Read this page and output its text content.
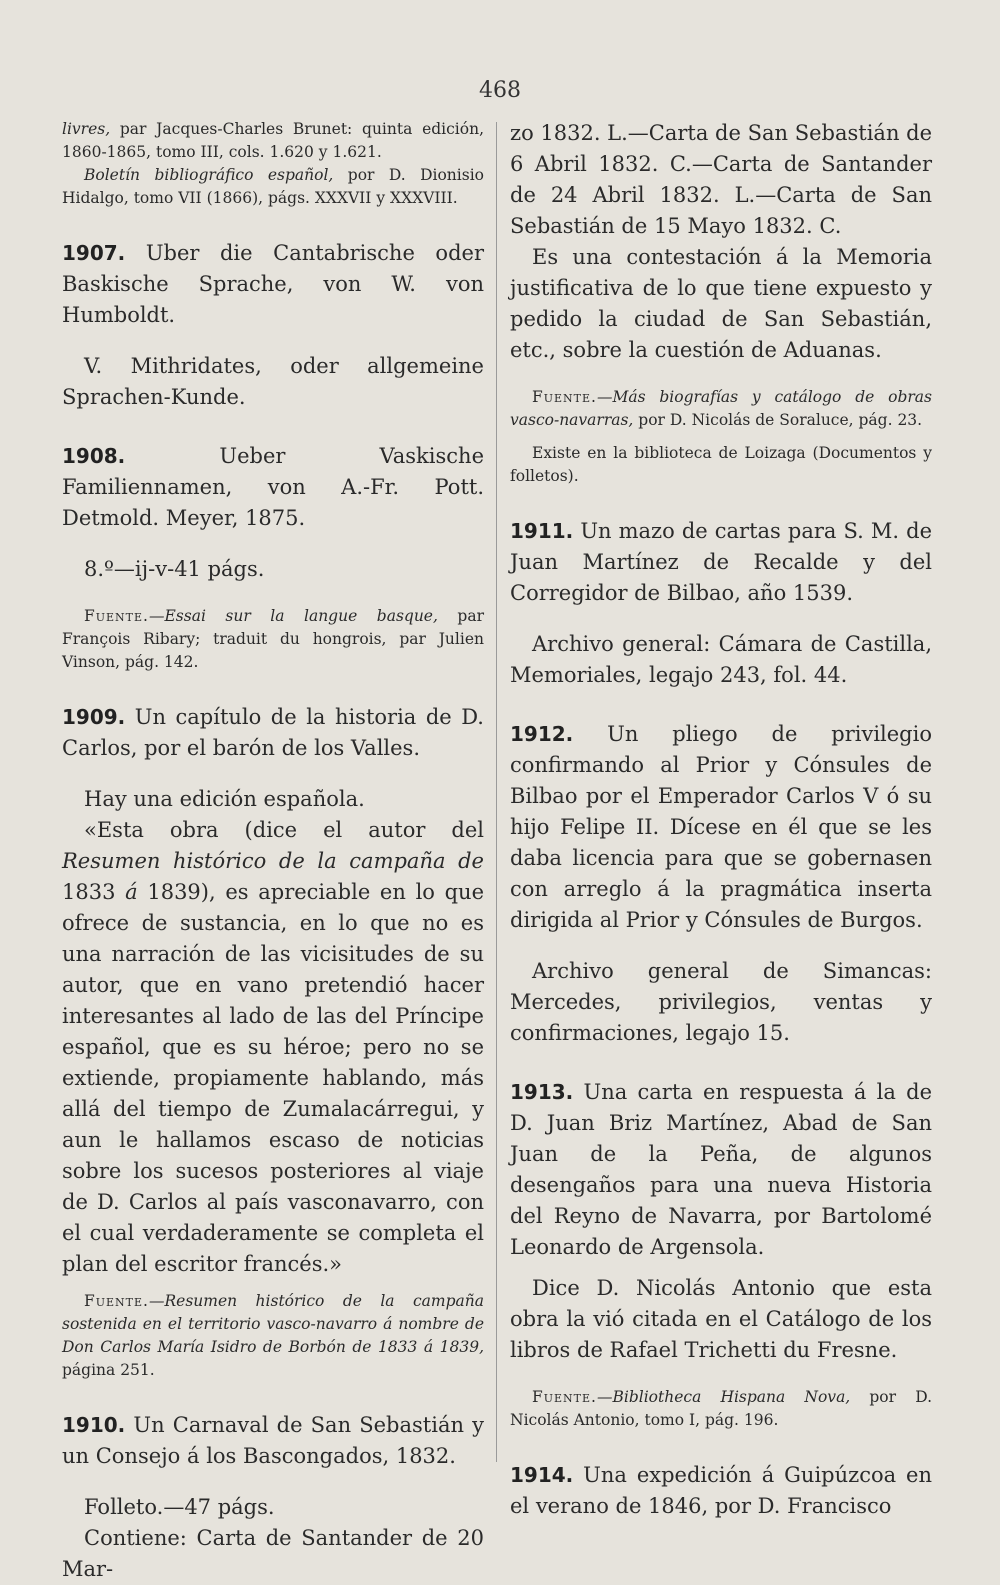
468

livres, par Jacques-Charles Brunet: quinta edición, 1860-1865, tomo III, cols. 1.620 y 1.621.

Boletín bibliográfico español, por D. Dionisio Hidalgo, tomo VII (1866), págs. XXXVII y XXXVIII.

1907. Uber die Cantabrische oder Baskische Sprache, von W. von Humboldt.

V. Mithridates, oder allgemeine Sprachen-Kunde.

1908. Ueber Vaskische Familiennamen, von A.-Fr. Pott. Detmold. Meyer, 1875.

8.º—ij-v-41 págs.

Fuente.—Essai sur la langue basque, par François Ribary; traduit du hongrois, par Julien Vinson, pág. 142.

1909. Un capítulo de la historia de D. Carlos, por el barón de los Valles.

Hay una edición española.

«Esta obra (dice el autor del Resumen histórico de la campaña de 1833 á 1839), es apreciable en lo que ofrece de sustancia, en lo que no es una narración de las vicisitudes de su autor, que en vano pretendió hacer interesantes al lado de las del Príncipe español, que es su héroe; pero no se extiende, propiamente hablando, más allá del tiempo de Zumalacárregui, y aun le hallamos escaso de noticias sobre los sucesos posteriores al viaje de D. Carlos al país vasconavarro, con el cual verdaderamente se completa el plan del escritor francés.»

Fuente.—Resumen histórico de la campaña sostenida en el territorio vasco-navarro á nombre de Don Carlos María Isidro de Borbón de 1833 á 1839, página 251.

1910. Un Carnaval de San Sebastián y un Consejo á los Bascongados, 1832.

Folleto.—47 págs.

Contiene: Carta de Santander de 20 Mar-

zo 1832. L.—Carta de San Sebastián de 6 Abril 1832. C.—Carta de Santander de 24 Abril 1832. L.—Carta de San Sebastián de 15 Mayo 1832. C.

Es una contestación á la Memoria justificativa de lo que tiene expuesto y pedido la ciudad de San Sebastián, etc., sobre la cuestión de Aduanas.

Fuente.—Más biografías y catálogo de obras vasco-navarras, por D. Nicolás de Soraluce, pág. 23.

Existe en la biblioteca de Loizaga (Documentos y folletos).

1911. Un mazo de cartas para S. M. de Juan Martínez de Recalde y del Corregidor de Bilbao, año 1539.

Archivo general: Cámara de Castilla, Memoriales, legajo 243, fol. 44.

1912. Un pliego de privilegio confirmando al Prior y Cónsules de Bilbao por el Emperador Carlos V ó su hijo Felipe II. Dícese en él que se les daba licencia para que se gobernasen con arreglo á la pragmática inserta dirigida al Prior y Cónsules de Burgos.

Archivo general de Simancas: Mercedes, privilegios, ventas y confirmaciones, legajo 15.

1913. Una carta en respuesta á la de D. Juan Briz Martínez, Abad de San Juan de la Peña, de algunos desengaños para una nueva Historia del Reyno de Navarra, por Bartolomé Leonardo de Argensola.

Dice D. Nicolás Antonio que esta obra la vió citada en el Catálogo de los libros de Rafael Trichetti du Fresne.

Fuente.—Bibliotheca Hispana Nova, por D. Nicolás Antonio, tomo I, pág. 196.

1914. Una expedición á Guipúzcoa en el verano de 1846, por D. Francisco
